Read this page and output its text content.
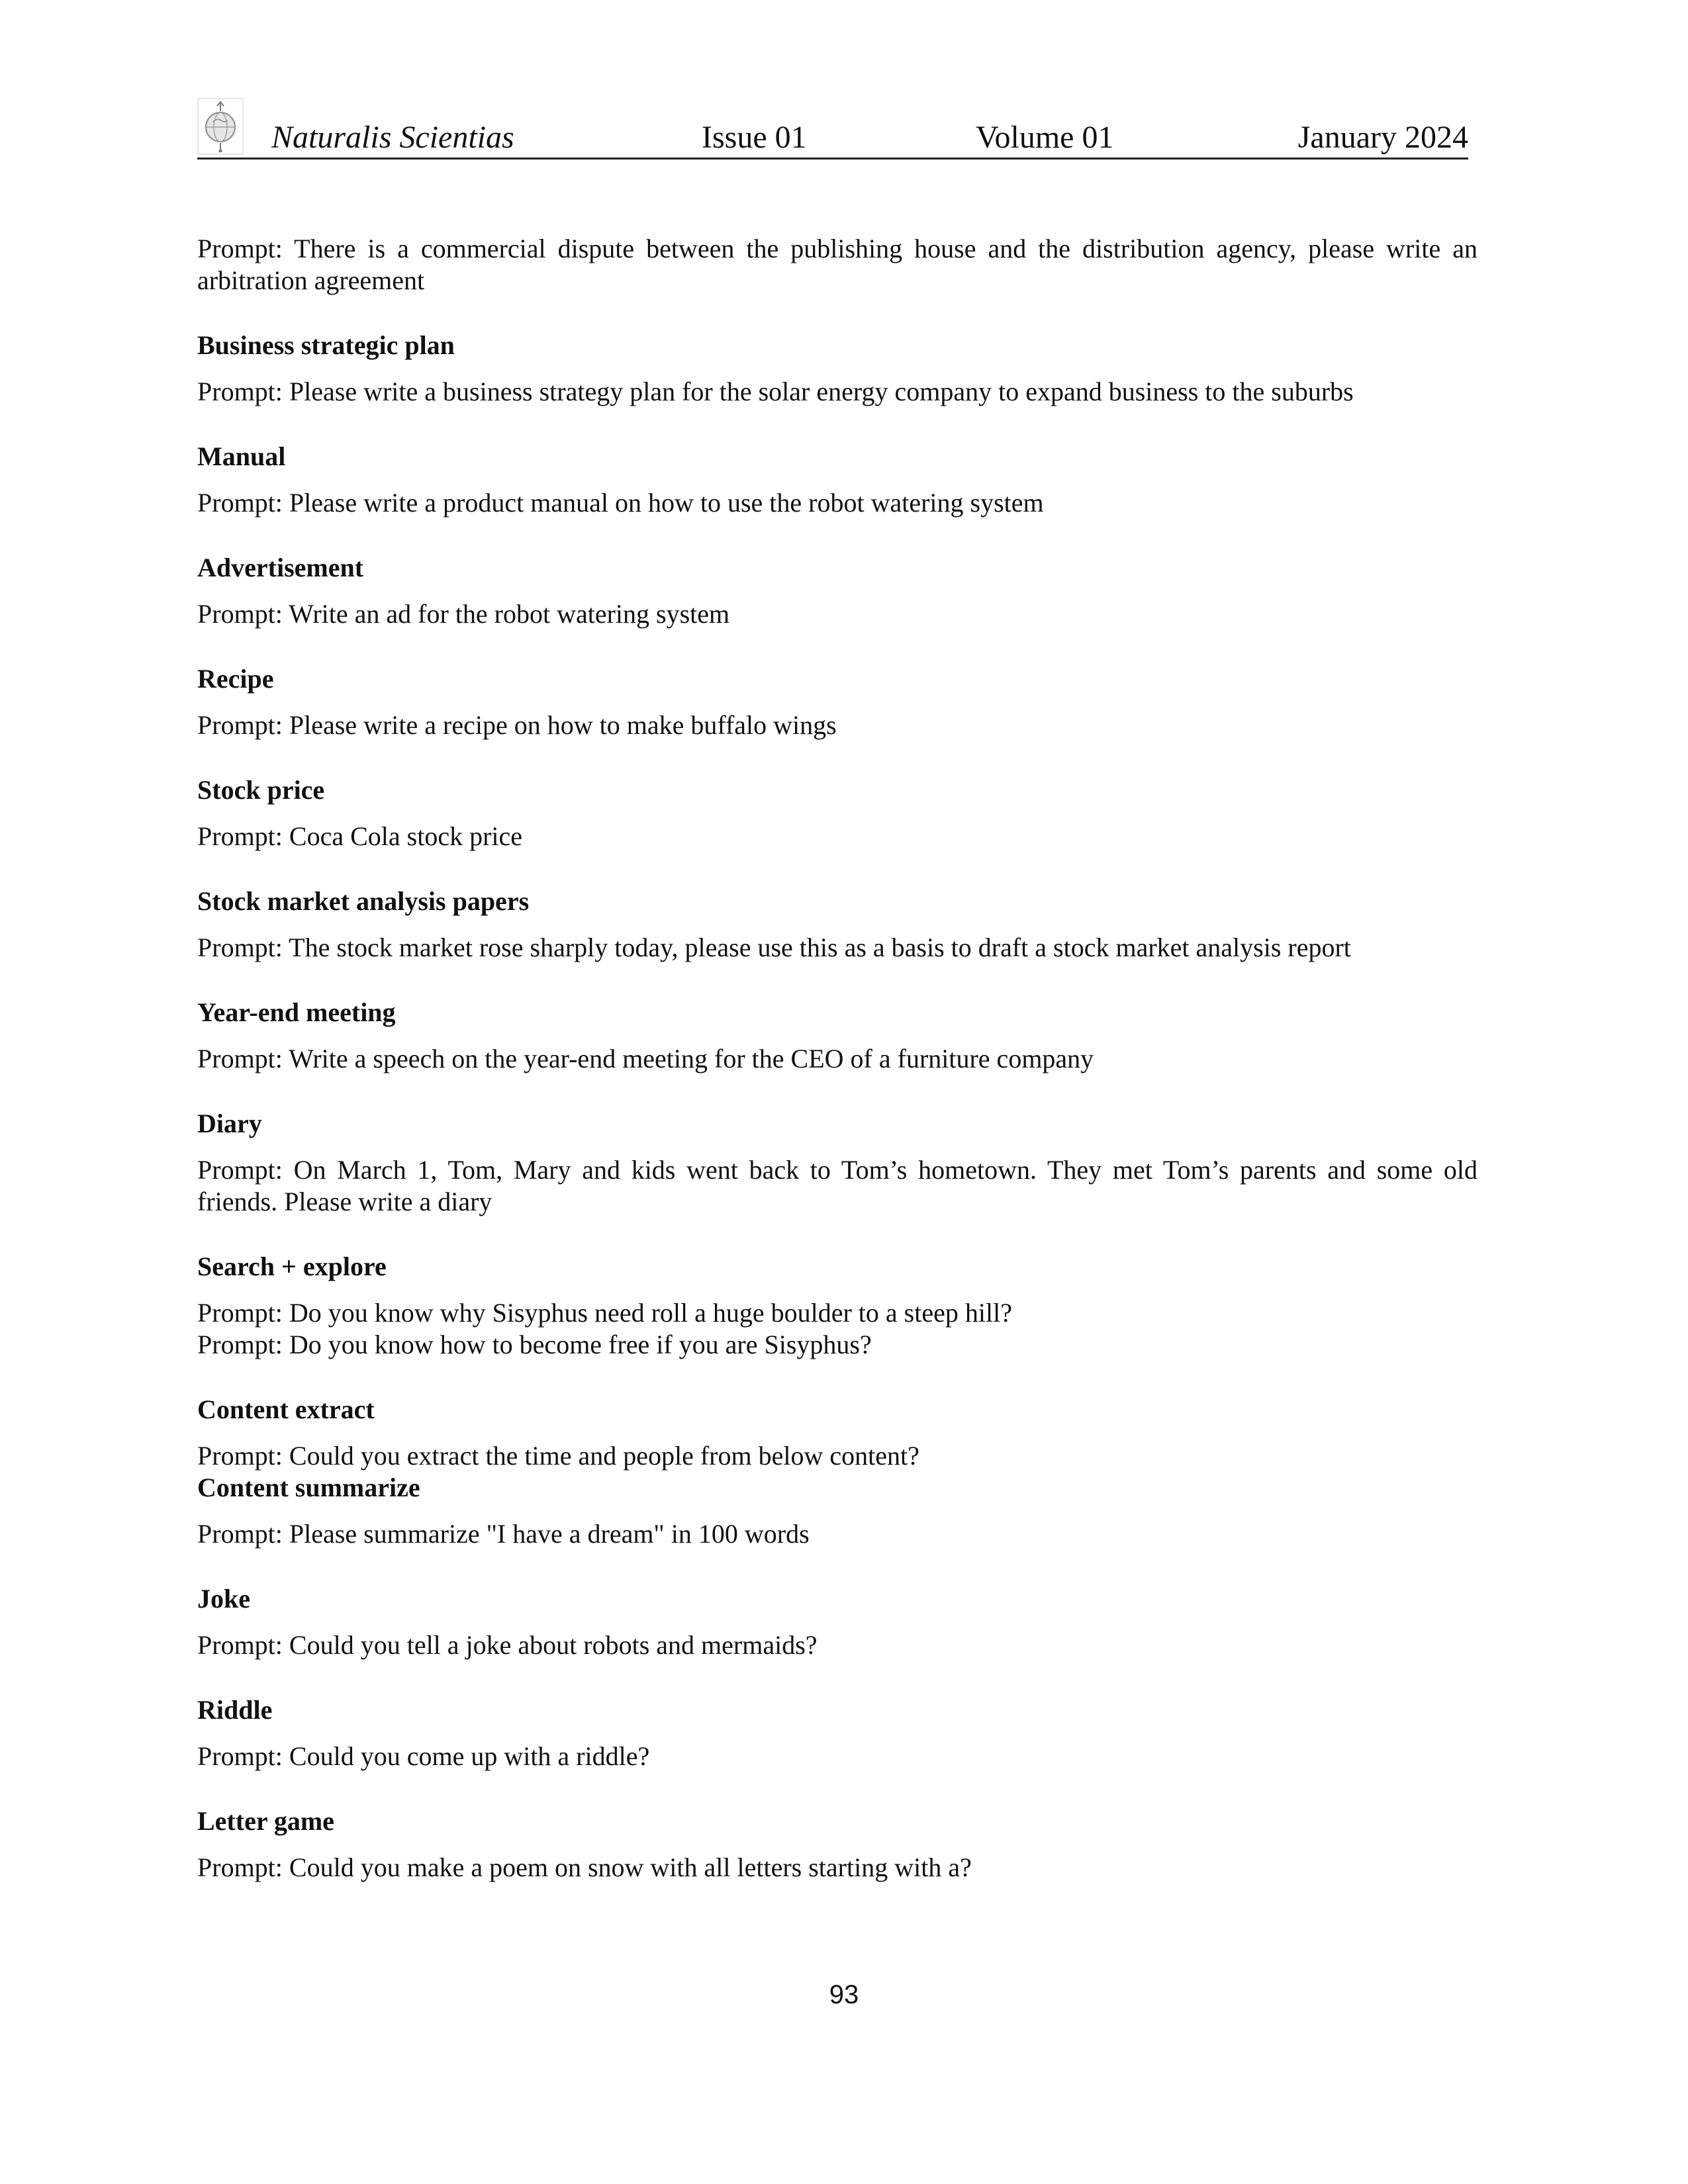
Naturalis Scientias	Issue 01	Volume 01	January 2024

Prompt: There is a commercial dispute between the publishing house and the distribution agency, please write an arbitration agreement

Business strategic plan

Prompt: Please write a business strategy plan for the solar energy company to expand business to the suburbs

Manual

Prompt: Please write a product manual on how to use the robot watering system

Advertisement

Prompt: Write an ad for the robot watering system

Recipe

Prompt: Please write a recipe on how to make buffalo wings

Stock price

Prompt: Coca Cola stock price

Stock market analysis papers

Prompt: The stock market rose sharply today, please use this as a basis to draft a stock market analysis report

Year-end meeting

Prompt: Write a speech on the year-end meeting for the CEO of a furniture company

Diary

Prompt: On March 1, Tom, Mary and kids went back to Tom’s hometown. They met Tom’s parents and some old friends. Please write a diary

Search + explore

Prompt: Do you know why Sisyphus need roll a huge boulder to a steep hill?

Prompt: Do you know how to become free if you are Sisyphus?

Content extract

Prompt: Could you extract the time and people from below content?

Content summarize

Prompt: Please summarize "I have a dream" in 100 words

Joke

Prompt: Could you tell a joke about robots and mermaids?

Riddle

Prompt: Could you come up with a riddle?

Letter game

Prompt: Could you make a poem on snow with all letters starting with a?

93
